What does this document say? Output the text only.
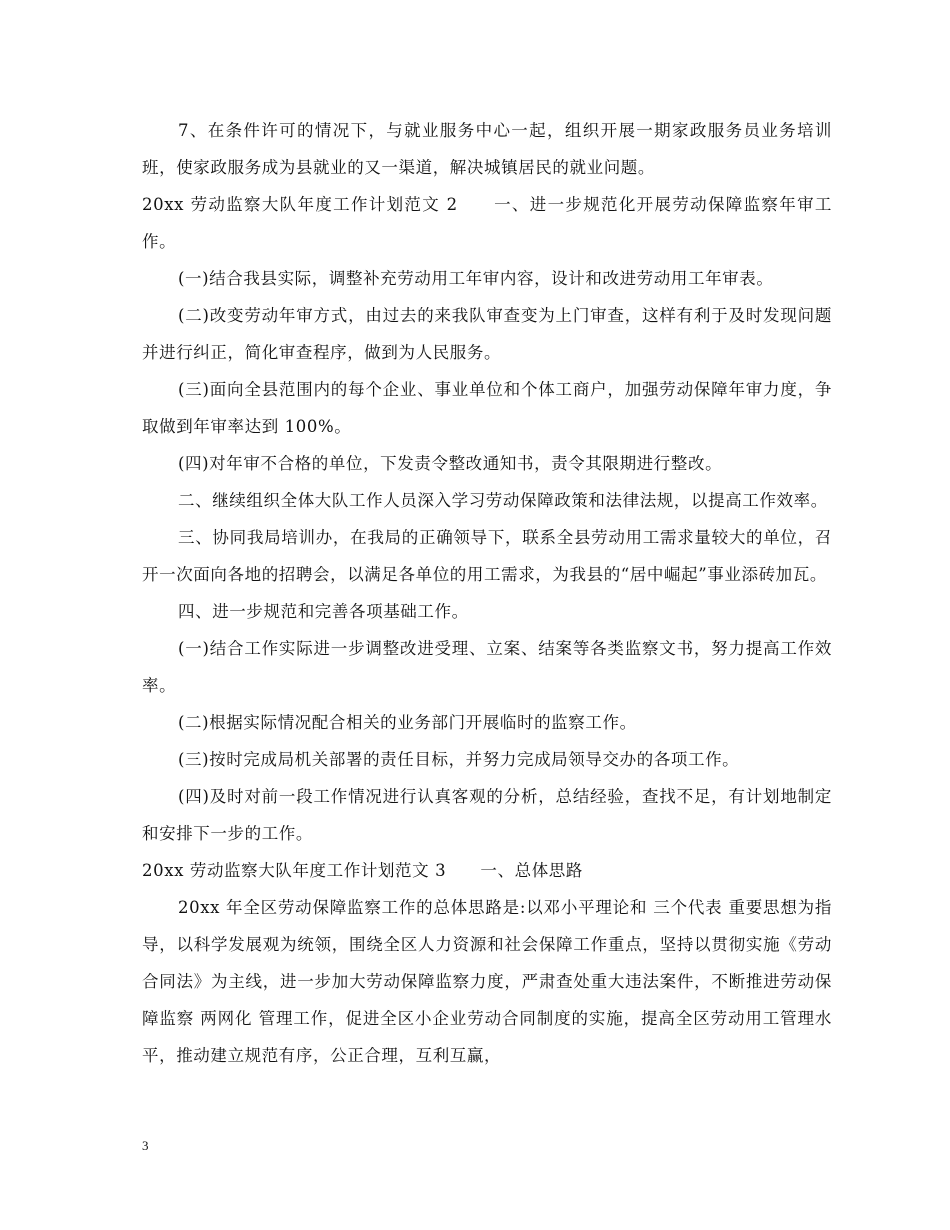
7、在条件许可的情况下，与就业服务中心一起，组织开展一期家政服务员业务培训班，使家政服务成为县就业的又一渠道，解决城镇居民的就业问题。

20xx 劳动监察大队年度工作计划范文 2　　一、进一步规范化开展劳动保障监察年审工作。

(一)结合我县实际，调整补充劳动用工年审内容，设计和改进劳动用工年审表。

(二)改变劳动年审方式，由过去的来我队审查变为上门审查，这样有利于及时发现问题并进行纠正，简化审查程序，做到为人民服务。

(三)面向全县范围内的每个企业、事业单位和个体工商户，加强劳动保障年审力度，争取做到年审率达到 100%。

(四)对年审不合格的单位，下发责令整改通知书，责令其限期进行整改。

二、继续组织全体大队工作人员深入学习劳动保障政策和法律法规，以提高工作效率。

三、协同我局培训办，在我局的正确领导下，联系全县劳动用工需求量较大的单位，召开一次面向各地的招聘会，以满足各单位的用工需求，为我县的“居中崛起”事业添砖加瓦。

四、进一步规范和完善各项基础工作。

(一)结合工作实际进一步调整改进受理、立案、结案等各类监察文书，努力提高工作效率。

(二)根据实际情况配合相关的业务部门开展临时的监察工作。

(三)按时完成局机关部署的责任目标，并努力完成局领导交办的各项工作。

(四)及时对前一段工作情况进行认真客观的分析，总结经验，查找不足，有计划地制定和安排下一步的工作。

20xx 劳动监察大队年度工作计划范文 3　　一、总体思路

20xx 年全区劳动保障监察工作的总体思路是:以邓小平理论和 三个代表 重要思想为指导，以科学发展观为统领，围绕全区人力资源和社会保障工作重点，坚持以贯彻实施《劳动合同法》为主线，进一步加大劳动保障监察力度，严肃查处重大违法案件，不断推进劳动保障监察 两网化 管理工作，促进全区小企业劳动合同制度的实施，提高全区劳动用工管理水平，推动建立规范有序，公正合理，互利互赢，

3
